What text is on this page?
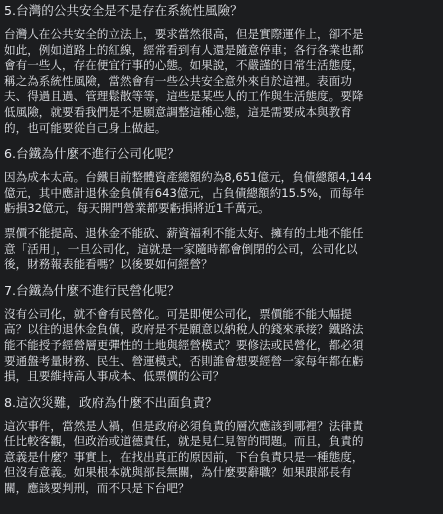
5.台灣的公共安全是不是存在系統性風險？

台灣人在公共安全的立法上，要求當然很高，但是實際運作上，卻不是
如此，例如道路上的紅線，經常看到有人還是隨意停車；各行各業也都
會有一些人，存在便宜行事的心態。如果說，不嚴謹的日常生活態度，
稱之為系統性風險，當然會有一些公共安全意外來自於這裡。表面功
夫、得過且過、管理鬆散等等，這些是某些人的工作與生活態度。要降
低風險，就要看我們是不是願意調整這種心態，這是需要成本與教育
的，也可能要從自己身上做起。

6.台鐵為什麼不進行公司化呢？

因為成本太高。台鐵目前整體資產總額約為8,651億元，負債總額4,144
億元，其中應計退休金負債有643億元，占負債總額約15.5%，而每年
虧損32億元，每天開門營業都要虧損將近1千萬元。

票價不能提高、退休金不能砍、薪資福利不能太好、擁有的土地不能任
意「活用」，一旦公司化，這就是一家隨時都會倒閉的公司，公司化以
後，財務報表能看嗎？以後要如何經營？

7.台鐵為什麼不進行民營化呢？

沒有公司化，就不會有民營化。可是即便公司化，票價能不能大幅提
高？以往的退休金負債，政府是不是願意以納稅人的錢來承接？鐵路法
能不能授予經營層更彈性的土地與經營模式？要修法或民營化，都必須
要通盤考量財務、民生、營運模式，否則誰會想要經營一家每年都在虧
損，且要維持高人事成本、低票價的公司？

8.這次災難，政府為什麼不出面負責？

這次事件，當然是人禍，但是政府必須負責的層次應該到哪裡？法律責
任比較客觀，但政治或道德責任，就是見仁見智的問題。而且，負責的
意義是什麼？事實上，在找出真正的原因前，下台負責只是一種態度，
但沒有意義。如果根本就與部長無關，為什麼要辭職？如果跟部長有
關，應該要判刑，而不只是下台吧？
